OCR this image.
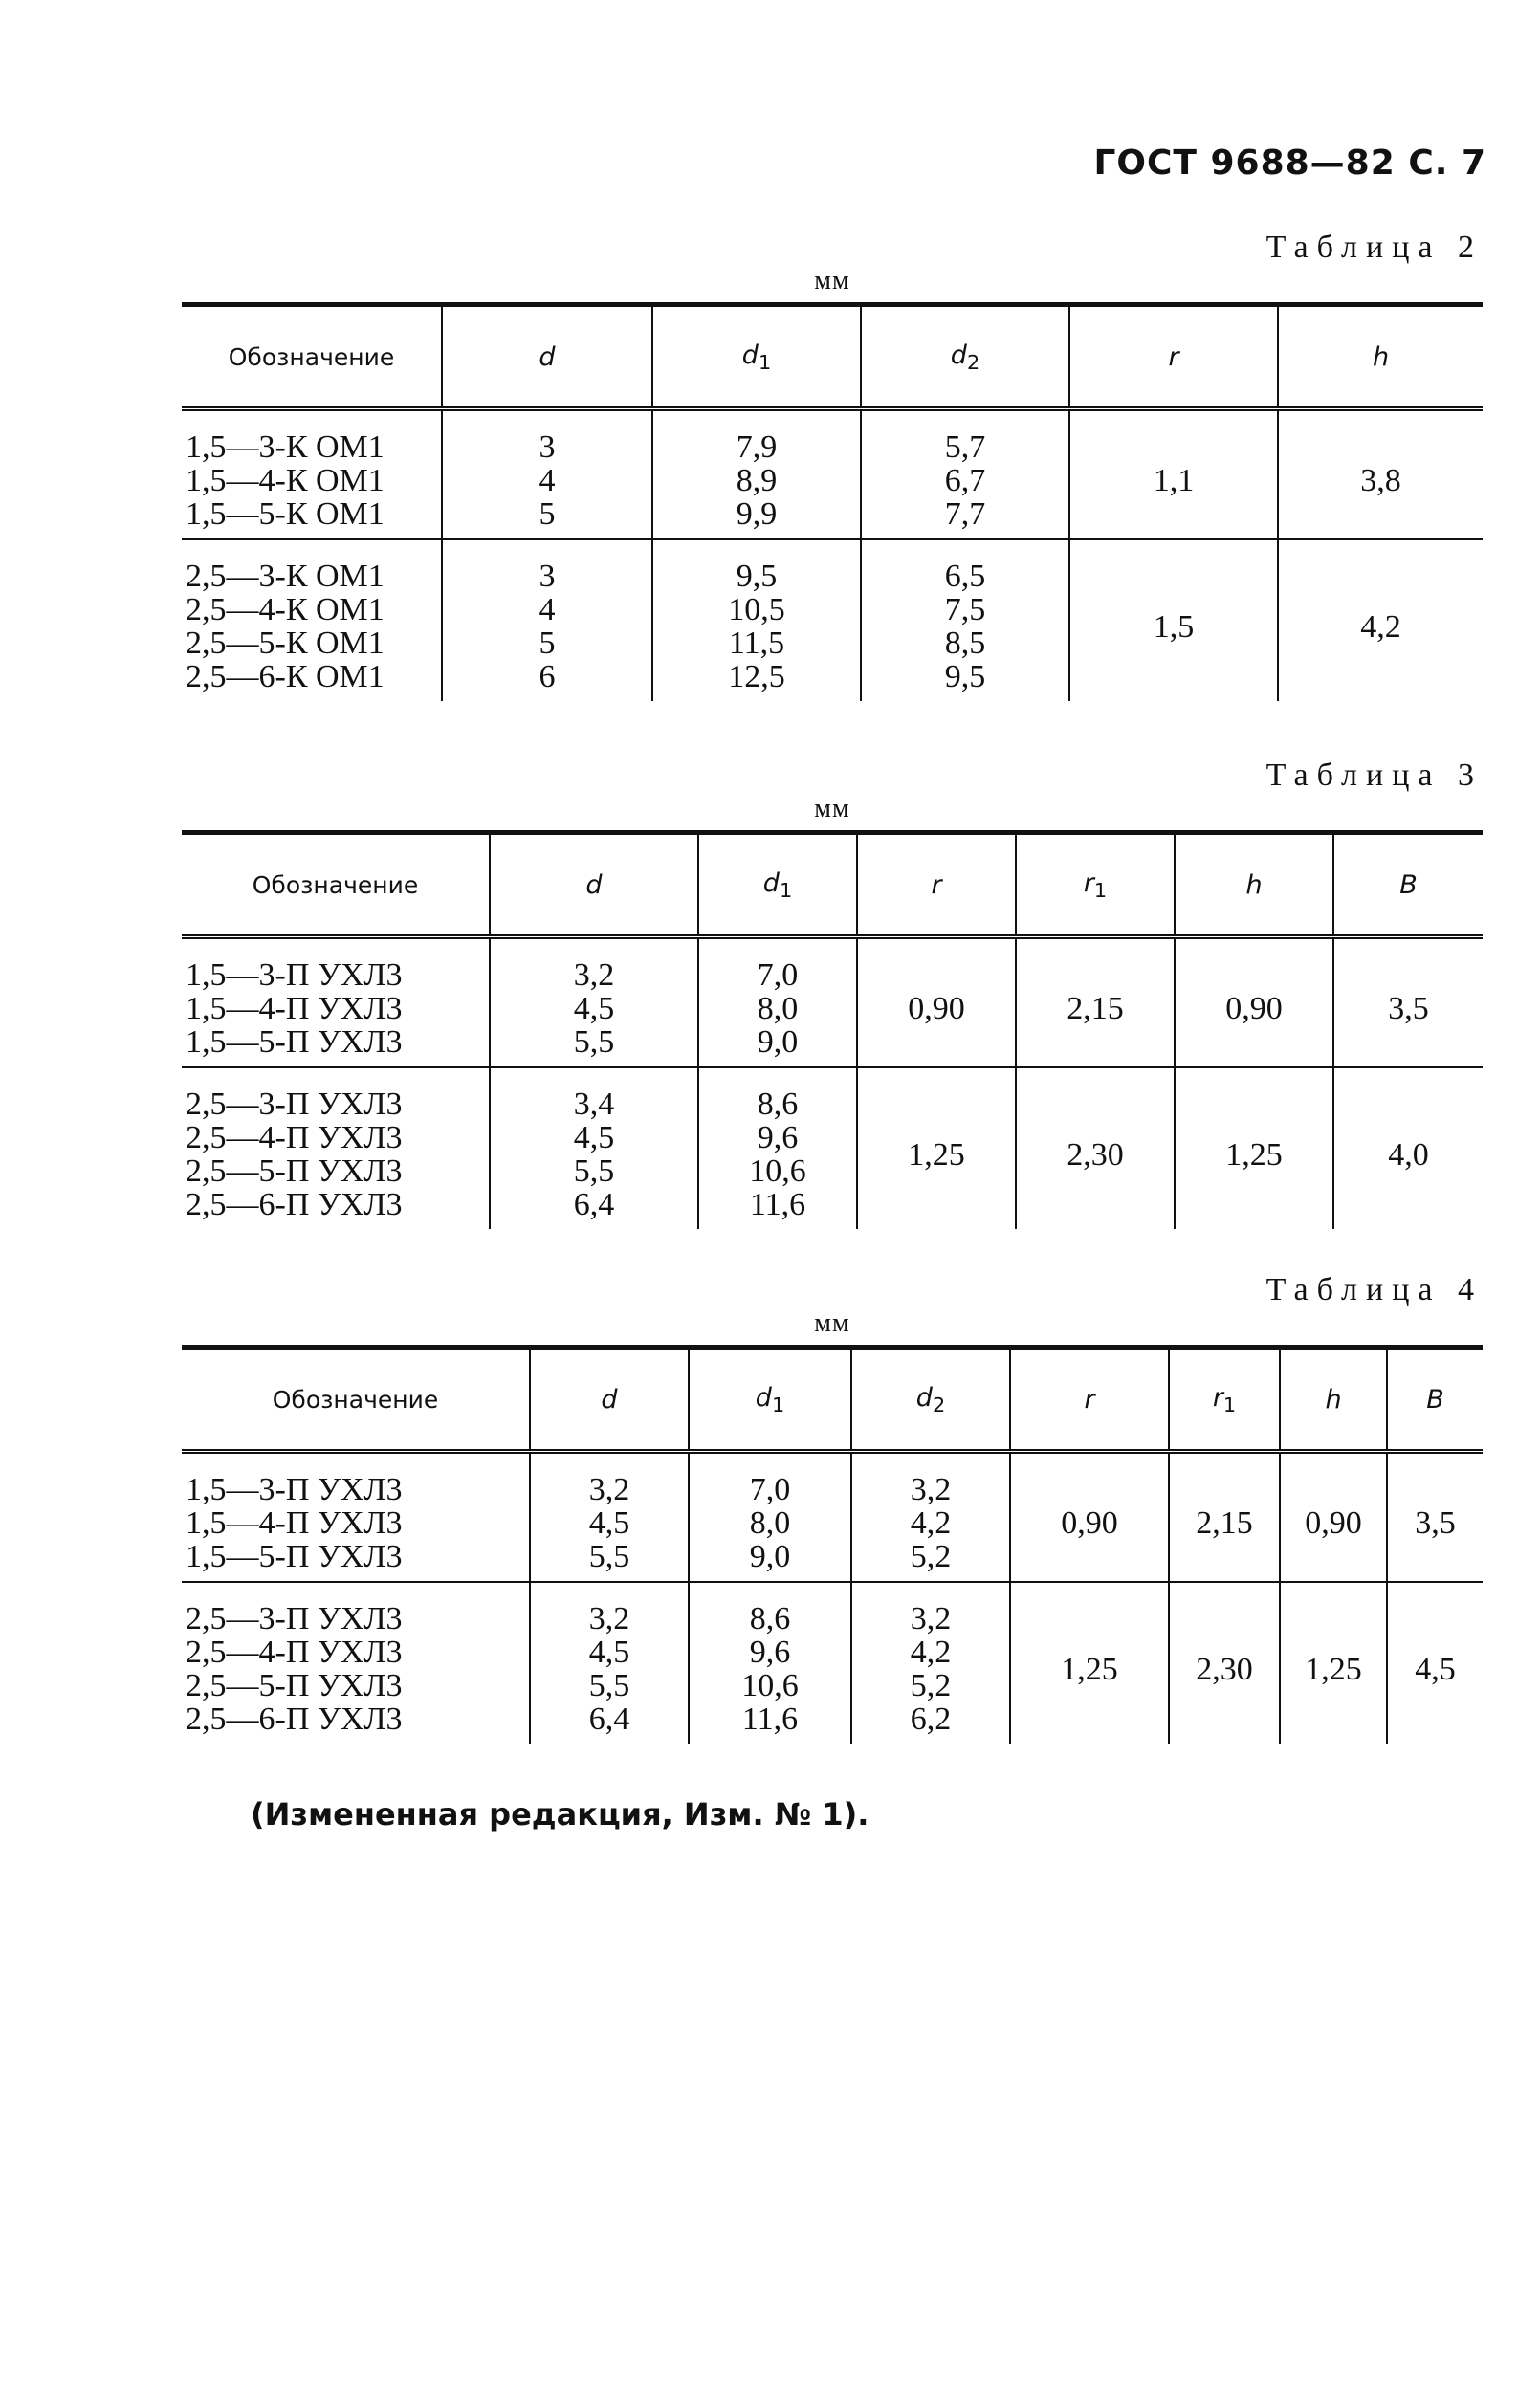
ГОСТ 9688—82 С. 7

Таблица 2

мм

Обозначение	d	$d_1$	$d_2$	r	h

1,5—3-К ОМ1
1,5—4-К ОМ1
1,5—5-К ОМ1	3
4
5	7,9
8,9
9,9	5,7
6,7
7,7	1,1	3,8

2,5—3-К ОМ1
2,5—4-К ОМ1
2,5—5-К ОМ1
2,5—6-К ОМ1	3
4
5
6	9,5
10,5
11,5
12,5	6,5
7,5
8,5
9,5	1,5	4,2

Таблица 3

мм

Обозначение	d	$d_1$	r	$r_1$	h	B

1,5—3-П УХЛ3
1,5—4-П УХЛ3
1,5—5-П УХЛ3	3,2
4,5
5,5	7,0
8,0
9,0	0,90	2,15	0,90	3,5

2,5—3-П УХЛ3
2,5—4-П УХЛ3
2,5—5-П УХЛ3
2,5—6-П УХЛ3	3,4
4,5
5,5
6,4	8,6
9,6
10,6
11,6	1,25	2,30	1,25	4,0

Таблица 4

мм

Обозначение	d	$d_1$	$d_2$	r	$r_1$	h	B

1,5—3-П УХЛ3
1,5—4-П УХЛ3
1,5—5-П УХЛ3	3,2
4,5
5,5	7,0
8,0
9,0	3,2
4,2
5,2	0,90	2,15	0,90	3,5

2,5—3-П УХЛ3
2,5—4-П УХЛ3
2,5—5-П УХЛ3
2,5—6-П УХЛ3	3,2
4,5
5,5
6,4	8,6
9,6
10,6
11,6	3,2
4,2
5,2
6,2	1,25	2,30	1,25	4,5
(Измененная редакция, Изм. № 1).
